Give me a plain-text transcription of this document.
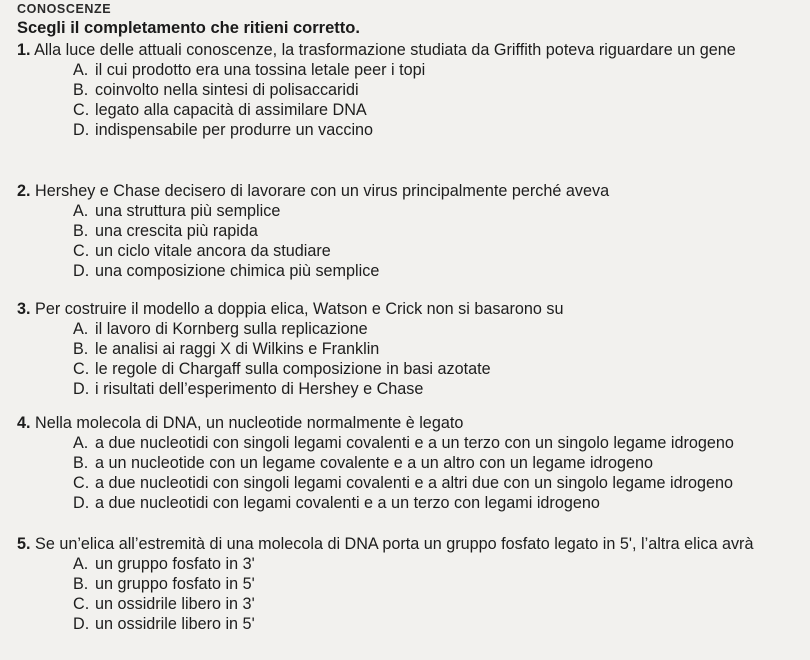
CONOSCENZE
Scegli il completamento che ritieni corretto.
1. Alla luce delle attuali conoscenze, la trasformazione studiata da Griffith poteva riguardare un gene
A. il cui prodotto era una tossina letale peer i topi
B. coinvolto nella sintesi di polisaccaridi
C. legato alla capacità di assimilare DNA
D. indispensabile per produrre un vaccino
2. Hershey e Chase decisero di lavorare con un virus principalmente perché aveva
A. una struttura più semplice
B. una crescita più rapida
C. un ciclo vitale ancora da studiare
D. una composizione chimica più semplice
3. Per costruire il modello a doppia elica, Watson e Crick non si basarono su
A. il lavoro di Kornberg sulla replicazione
B. le analisi ai raggi X di Wilkins e Franklin
C. le regole di Chargaff sulla composizione in basi azotate
D. i risultati dell’esperimento di Hershey e Chase
4. Nella molecola di DNA, un nucleotide normalmente è legato
A. a due nucleotidi con singoli legami covalenti e a un terzo con un singolo legame idrogeno
B. a un nucleotide con un legame covalente e a un altro con un legame idrogeno
C. a due nucleotidi con singoli legami covalenti e a altri due con un singolo legame idrogeno
D. a due nucleotidi con legami covalenti e a un terzo con legami idrogeno
5. Se un’elica all’estremità di una molecola di DNA porta un gruppo fosfato legato in 5', l’altra elica avrà
A. un gruppo fosfato in 3'
B. un gruppo fosfato in 5'
C. un ossidrile libero in 3'
D. un ossidrile libero in 5'
